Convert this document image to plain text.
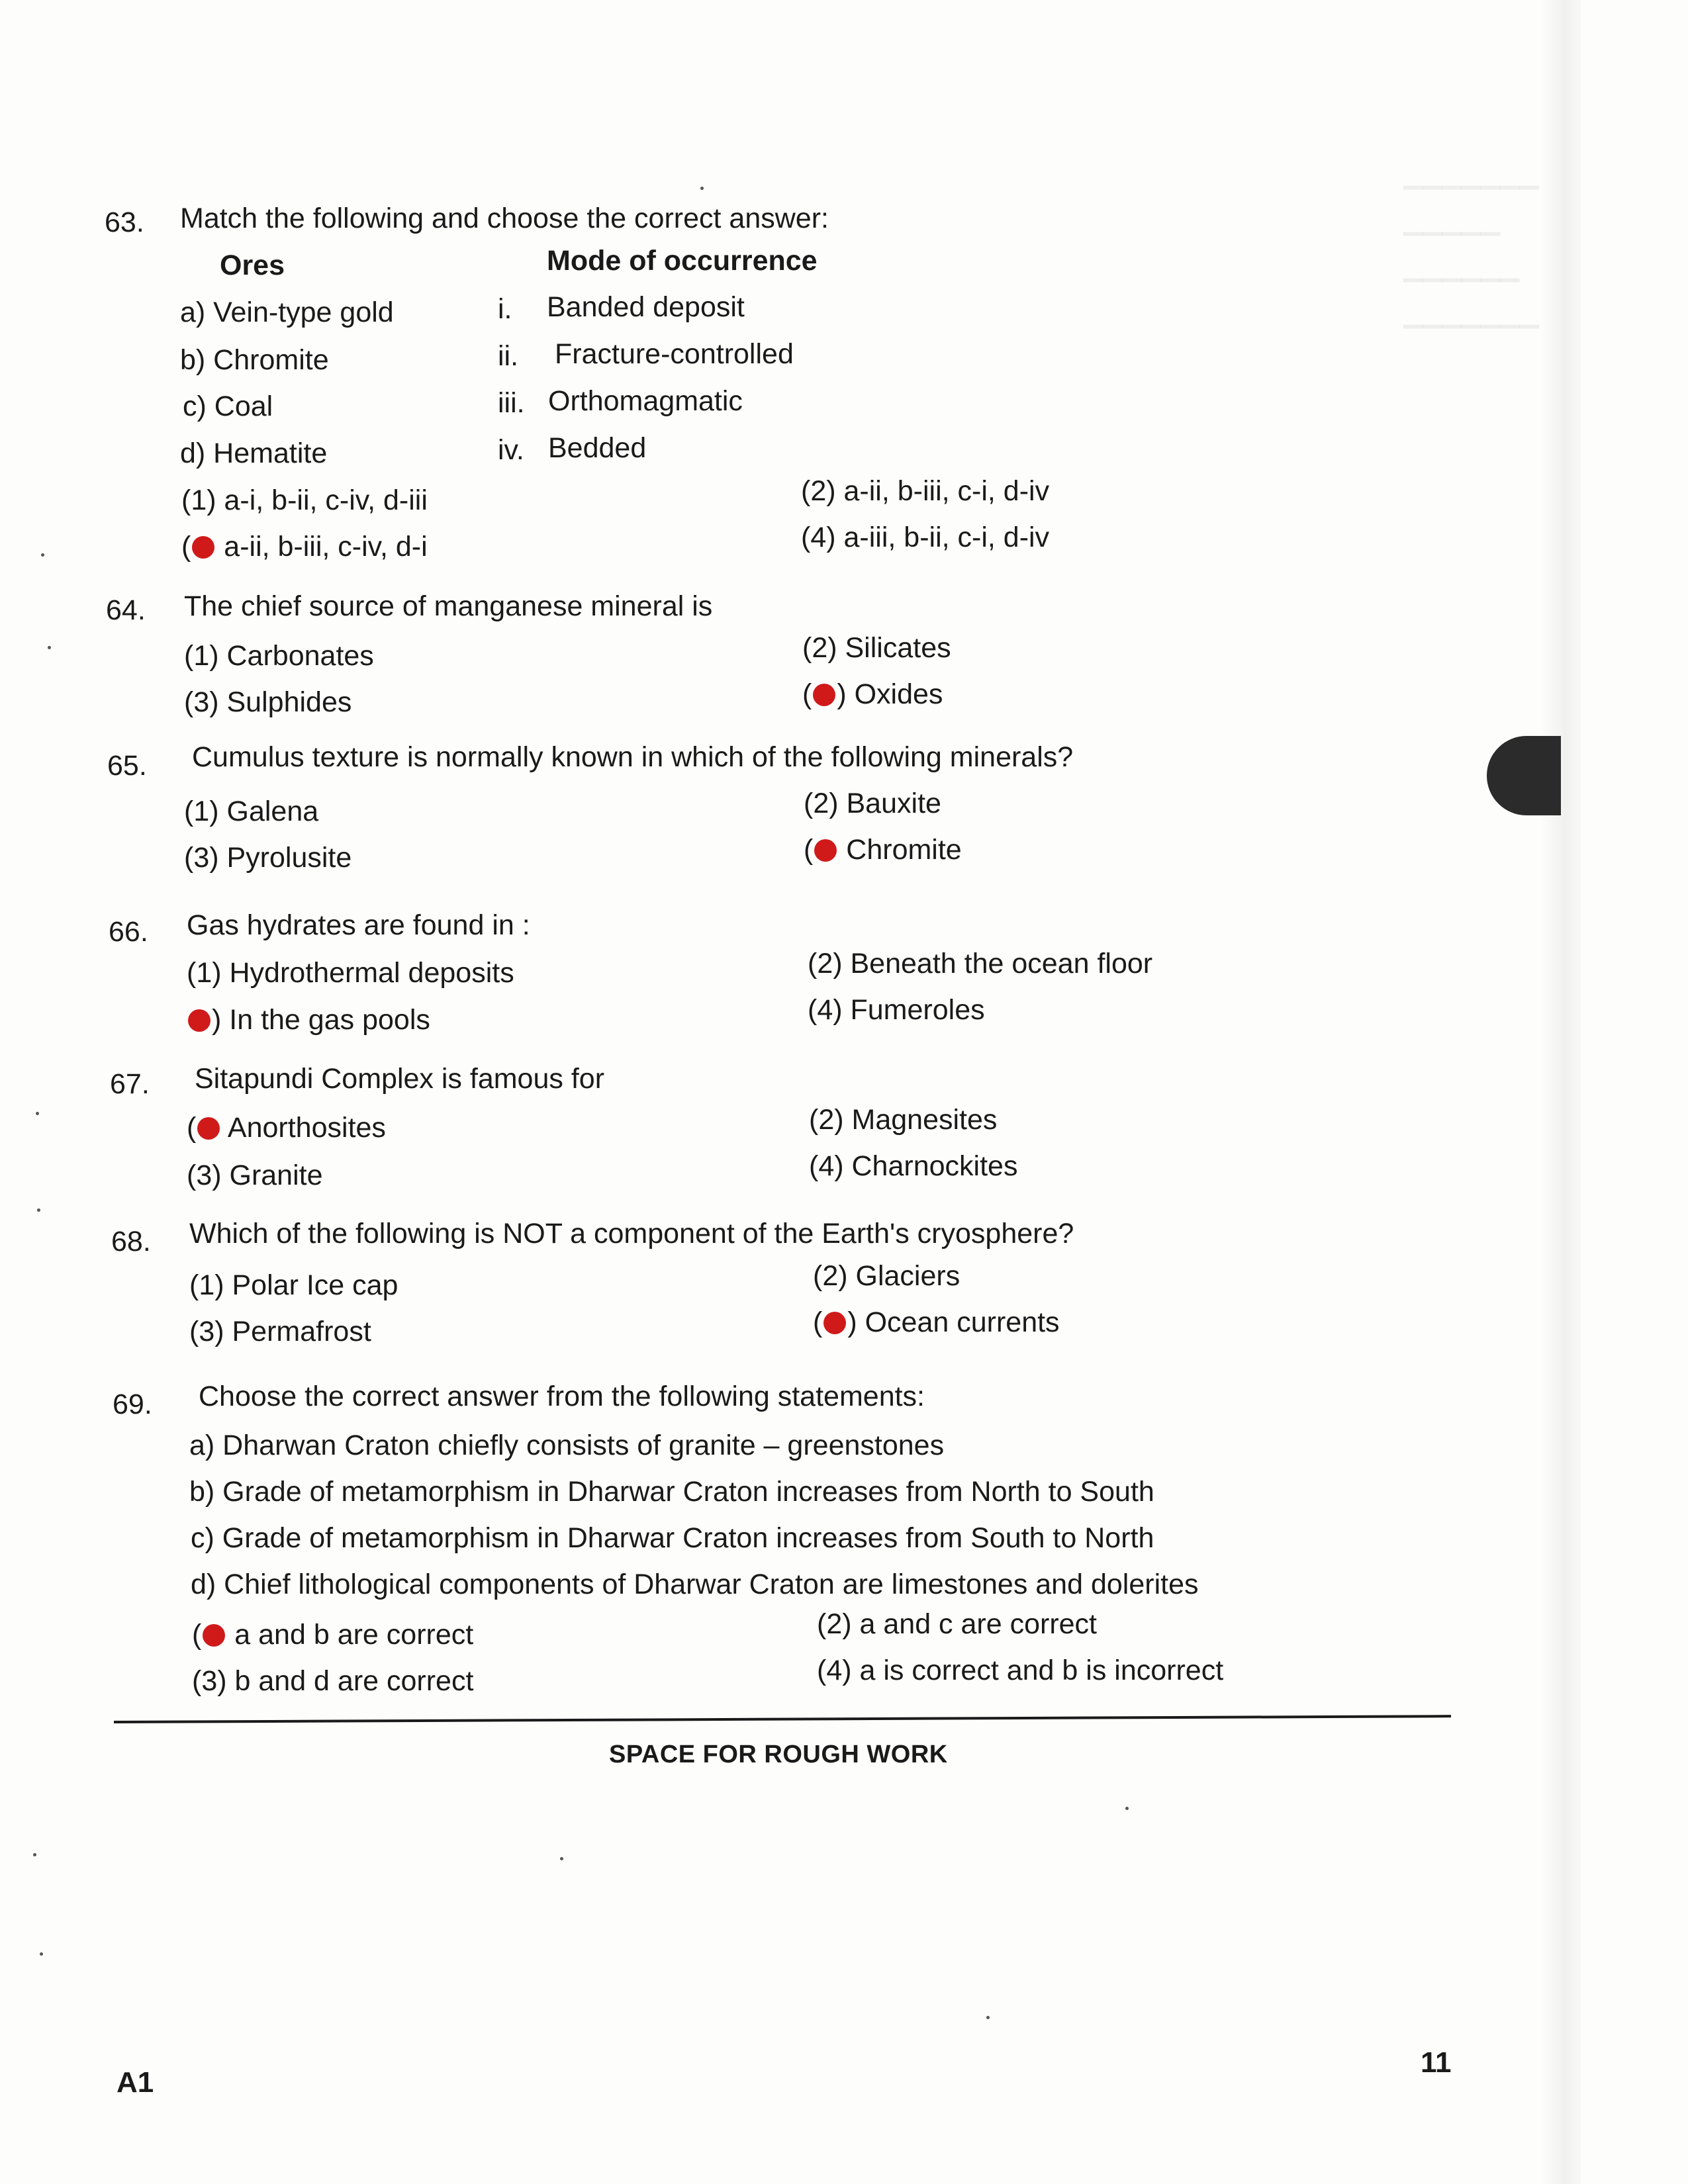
▁▁▁▁▁▁▁
▁▁▁▁▁
▁▁▁▁▁▁
▁▁▁▁▁▁▁
63. Match the following and choose the correct answer:
Ores	Mode of occurrence
a) Vein-type gold	i. Banded deposit
b) Chromite	ii. Fracture-controlled
c) Coal	iii. Orthomagmatic
d) Hematite	iv. Bedded
(1) a-i, b-ii, c-iv, d-iii	(2) a-ii, b-iii, c-i, d-iv
( a-ii, b-iii, c-iv, d-i	(4) a-iii, b-ii, c-i, d-iv
64. The chief source of manganese mineral is
(1) Carbonates	(2) Silicates
(3) Sulphides	( ) Oxides
65. Cumulus texture is normally known in which of the following minerals?
(1) Galena	(2) Bauxite
(3) Pyrolusite	( Chromite
66. Gas hydrates are found in :
(1) Hydrothermal deposits	(2) Beneath the ocean floor
) In the gas pools	(4) Fumeroles
67. Sitapundi Complex is famous for
( Anorthosites	(2) Magnesites
(3) Granite	(4) Charnockites
68. Which of the following is NOT a component of the Earth's cryosphere?
(1) Polar Ice cap	(2) Glaciers
(3) Permafrost	( ) Ocean currents
69. Choose the correct answer from the following statements:
a) Dharwan Craton chiefly consists of granite – greenstones
b) Grade of metamorphism in Dharwar Craton increases from North to South
c) Grade of metamorphism in Dharwar Craton increases from South to North
d) Chief lithological components of Dharwar Craton are limestones and dolerites
( a and b are correct	(2) a and c are correct
(3) b and d are correct	(4) a is correct and b is incorrect
SPACE FOR ROUGH WORK
A1
11
